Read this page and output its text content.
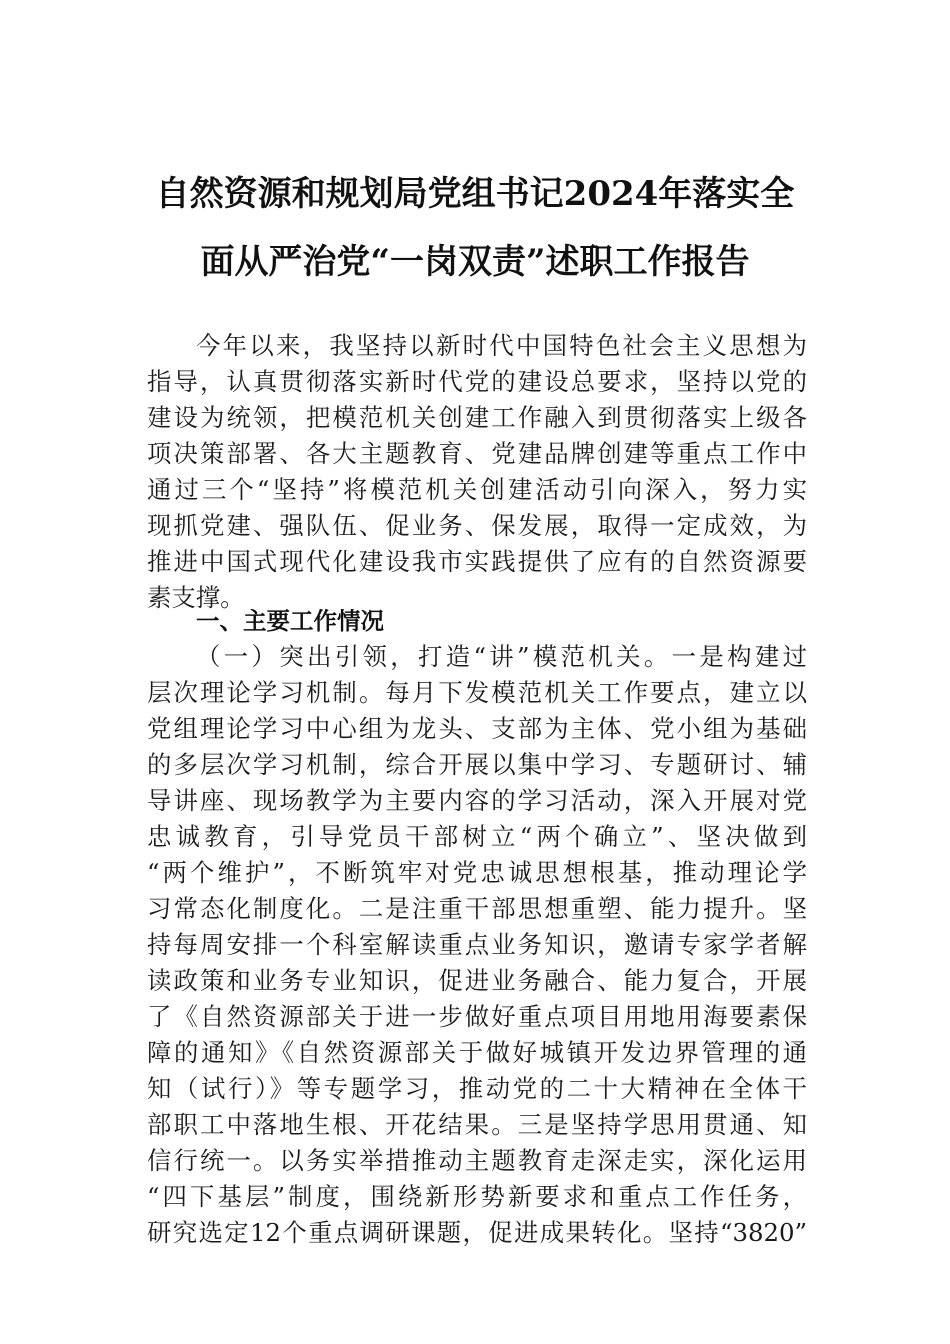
自然资源和规划局党组书记2024年落实全
面从严治党“一岗双责”述职工作报告
今年以来，我坚持以新时代中国特色社会主义思想为
指导，认真贯彻落实新时代党的建设总要求，坚持以党的
建设为统领，把模范机关创建工作融入到贯彻落实上级各
项决策部署、各大主题教育、党建品牌创建等重点工作中
通过三个“坚持”将模范机关创建活动引向深入，努力实
现抓党建、强队伍、促业务、保发展，取得一定成效，为
推进中国式现代化建设我市实践提供了应有的自然资源要
素支撑。
一、主要工作情况
（一）突出引领，打造“讲”模范机关。一是构建过
层次理论学习机制。每月下发模范机关工作要点，建立以
党组理论学习中心组为龙头、支部为主体、党小组为基础
的多层次学习机制，综合开展以集中学习、专题研讨、辅
导讲座、现场教学为主要内容的学习活动，深入开展对党
忠诚教育，引导党员干部树立“两个确立”、坚决做到
“两个维护”，不断筑牢对党忠诚思想根基，推动理论学
习常态化制度化。二是注重干部思想重塑、能力提升。坚
持每周安排一个科室解读重点业务知识，邀请专家学者解
读政策和业务专业知识，促进业务融合、能力复合，开展
了《自然资源部关于进一步做好重点项目用地用海要素保
障的通知》《自然资源部关于做好城镇开发边界管理的通
知（试行）》等专题学习，推动党的二十大精神在全体干
部职工中落地生根、开花结果。三是坚持学思用贯通、知
信行统一。以务实举措推动主题教育走深走实，深化运用
“四下基层”制度，围绕新形势新要求和重点工作任务，
研究选定12个重点调研课题，促进成果转化。坚持“3820”
